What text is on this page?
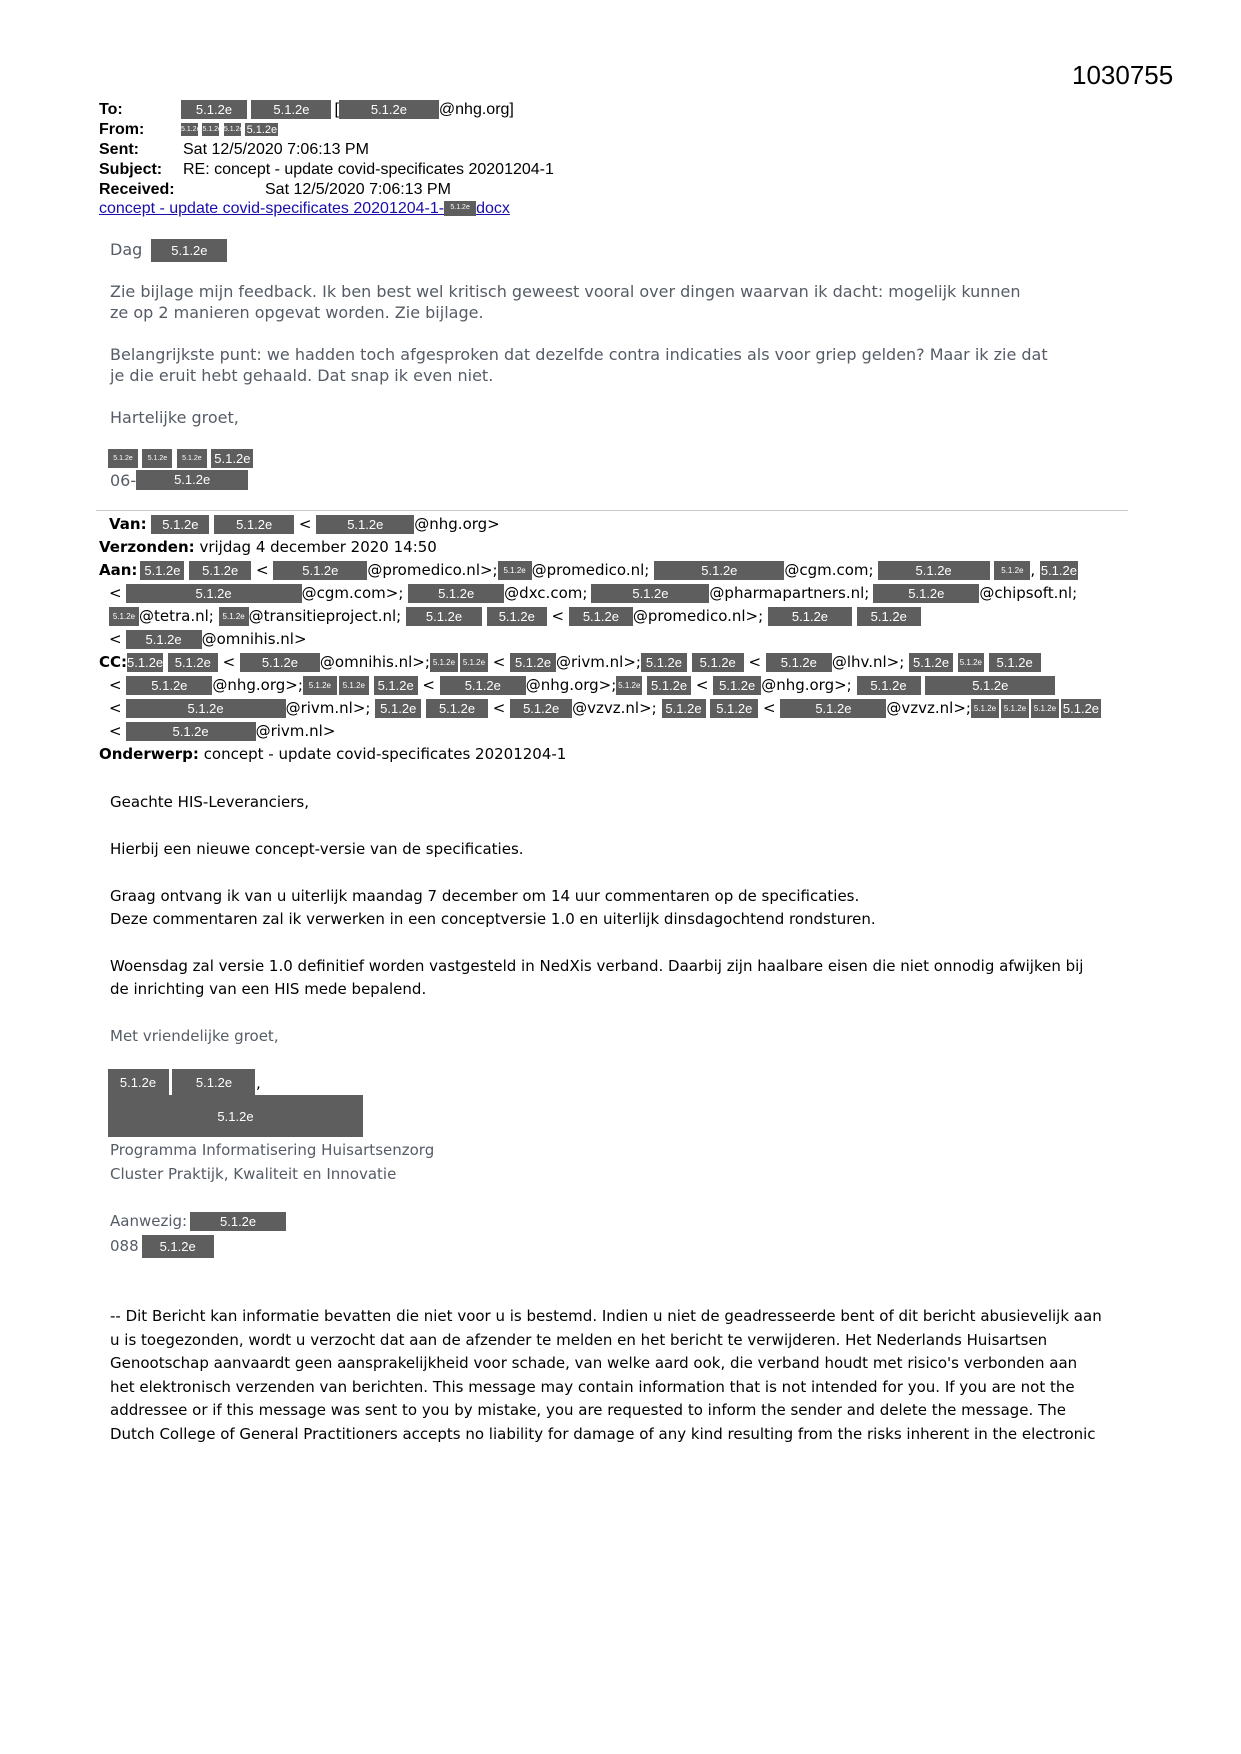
1030755
To:	5.1.2e	5.1.2e [ 5.1.2e @nhg.org]
From:	5.1.2e 5.1.2e 5.1.2e 5.1.2e
Sent:	Sat 12/5/2020 7:06:13 PM
Subject: RE: concept - update covid-specificates 20201204-1
Received:	Sat 12/5/2020 7:06:13 PM
concept - update covid-specificates 20201204-1- 5.1.2e docx
Dag 5.1.2e
Zie bijlage mijn feedback. Ik ben best wel kritisch geweest vooral over dingen waarvan ik dacht: mogelijk kunnen
ze op 2 manieren opgevat worden. Zie bijlage.
Belangrijkste punt: we hadden toch afgesproken dat dezelfde contra indicaties als voor griep gelden? Maar ik zie dat
je die eruit hebt gehaald. Dat snap ik even niet.
Hartelijke groet,
5.1.2e 5.1.2e 5.1.2e 5.1.2e
06-	5.1.2e
Van: 5.1.2e	5.1.2e < 5.1.2e @nhg.org>
Verzonden: vrijdag 4 december 2020 14:50
Aan: 5.1.2e 5.1.2e < 5.1.2e @promedico.nl>; 5.1.2e @promedico.nl;	5.1.2e	@cgm.com;	5.1.2e	5.1.2e , 5.1.2e
<	5.1.2e	@cgm.com>;	5.1.2e @dxc.com;	5.1.2e	@pharmapartners.nl;	5.1.2e @chipsoft.nl;
5.1.2e @tetra.nl; 5.1.2e @transitieproject.nl; 5.1.2e	5.1.2e < 5.1.2e @promedico.nl>; 5.1.2e	5.1.2e
< 5.1.2e @omnihis.nl>
CC:5.1.2e 5.1.2e < 5.1.2e @omnihis.nl>; 5.1.2e 5.1.2e < 5.1.2e @rivm.nl>; 5.1.2e 5.1.2e < 5.1.2e @lhv.nl>; 5.1.2e 5.1.2e 5.1.2e
< 5.1.2e @nhg.org>; 5.1.2e 5.1.2e 5.1.2e < 5.1.2e @nhg.org>; 5.1.2e 5.1.2e < 5.1.2e @nhg.org>; 5.1.2e	5.1.2e
<	5.1.2e	@rivm.nl>; 5.1.2e 5.1.2e < 5.1.2e @vzvz.nl>; 5.1.2e 5.1.2e <	5.1.2e @vzvz.nl>; 5.1.2e 5.1.2e 5.1.2e 5.1.2e
<	5.1.2e	@rivm.nl>
Onderwerp: concept - update covid-specificates 20201204-1
Geachte HIS-Leveranciers,
Hierbij een nieuwe concept-versie van de specificaties.
Graag ontvang ik van u uiterlijk maandag 7 december om 14 uur commentaren op de specificaties.
Deze commentaren zal ik verwerken in een conceptversie 1.0 en uiterlijk dinsdagochtend rondsturen.
Woensdag zal versie 1.0 definitief worden vastgesteld in NedXis verband. Daarbij zijn haalbare eisen die niet onnodig afwijken bij
de inrichting van een HIS mede bepalend.
Met vriendelijke groet,
5.1.2e	5.1.2e	,
5.1.2e
Programma Informatisering Huisartsenzorg
Cluster Praktijk, Kwaliteit en Innovatie
Aanwezig:	5.1.2e
088 5.1.2e
-- Dit Bericht kan informatie bevatten die niet voor u is bestemd. Indien u niet de geadresseerde bent of dit bericht abusievelijk aan
u is toegezonden, wordt u verzocht dat aan de afzender te melden en het bericht te verwijderen. Het Nederlands Huisartsen
Genootschap aanvaardt geen aansprakelijkheid voor schade, van welke aard ook, die verband houdt met risico's verbonden aan
het elektronisch verzenden van berichten. This message may contain information that is not intended for you. If you are not the
addressee or if this message was sent to you by mistake, you are requested to inform the sender and delete the message. The
Dutch College of General Practitioners accepts no liability for damage of any kind resulting from the risks inherent in the electronic
